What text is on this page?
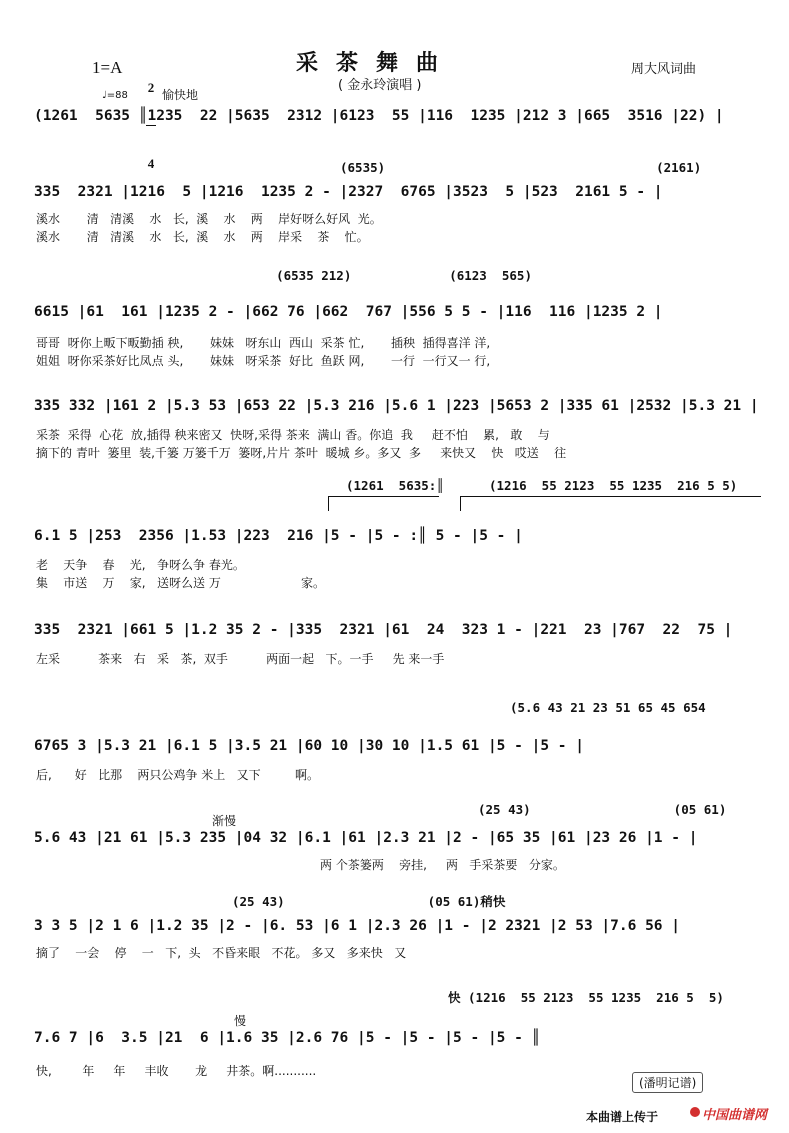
1=A

2

4

采茶舞曲
( 金永玲演唱 )
周大风词曲
♩=88	愉快地
(1261  5635 ║1235  22 |5635  2312 |6123  55 |116  1235 |212 3 |665  3516 |22) |
(6535)                                    (2161)
335  2321 |1216  5 |1216  1235 2 - |2327  6765 |3523  5 |523  2161 5 - |
溪水       清   清溪    水   长,  溪    水    两    岸好呀么好风  光。
溪水       清   清溪    水   长,  溪    水    两    岸采    茶    忙。
(6535 212)             (6123  565)
6615 |61  161 |1235 2 - |662 76 |662  767 |556 5 5 - |116  116 |1235 2 |
哥哥  呀你上畈下畈勤插 秧,       妹妹   呀东山  西山  采茶 忙,       插秧  插得喜洋 洋,
姐姐  呀你采茶好比凤点 头,       妹妹   呀采茶  好比  鱼跃 网,       一行  一行又一 行,
335 332 |161 2 |5.3 53 |653 22 |5.3 216 |5.6 1 |223 |5653 2 |335 61 |2532 |5.3 21 |
采茶  采得  心花  放,插得 秧来密又  快呀,采得 茶来  满山 香。你追  我     赶不怕    累,   敢    与
摘下的 青叶  篓里  装,千篓 万篓千万  篓呀,片片 茶叶  暖城 乡。多又  多     来快又    快   哎送    往
(1261  5635:║      (1216  55 2123  55 1235  216 5 5)
6.1 5 |253  2356 |1.53 |223  216 |5 - |5 - :║ 5 - |5 - |
老    天争    春    光,   争呀么争 春光。
集    市送    万    家,   送呀么送 万                     家。
335  2321 |661 5 |1.2 35 2 - |335  2321 |61  24  323 1 - |221  23 |767  22  75 |
左采          茶来   右   采   茶,  双手          两面一起   下。一手     先 来一手
(5.6 43 21 23 51 65 45 654
6765 3 |5.3 21 |6.1 5 |3.5 21 |60 10 |30 10 |1.5 61 |5 - |5 - |
后,      好   比那    两只公鸡争 米上   又下         啊。
渐慢
(25 43)                   (05 61)
5.6 43 |21 61 |5.3 235 |04 32 |6.1 |61 |2.3 21 |2 - |65 35 |61 |23 26 |1 - |
两 个茶篓两    旁挂,     两   手采茶要   分家。
(25 43)                   (05 61)稍快
3 3 5 |2 1 6 |1.2 35 |2 - |6. 53 |6 1 |2.3 26 |1 - |2 2321 |2 53 |7.6 56 |
摘了    一会    停    一   下,  头   不昏来眼   不花。 多又   多来快   又
快 (1216  55 2123  55 1235  216 5  5)
慢
7.6 7 |6  3.5 |21  6 |1.6 35 |2.6 76 |5 - |5 - |5 - |5 - ║
快,        年     年     丰收       龙     井茶。啊...........
(潘明记谱)
本曲谱上传于	中国曲谱网
